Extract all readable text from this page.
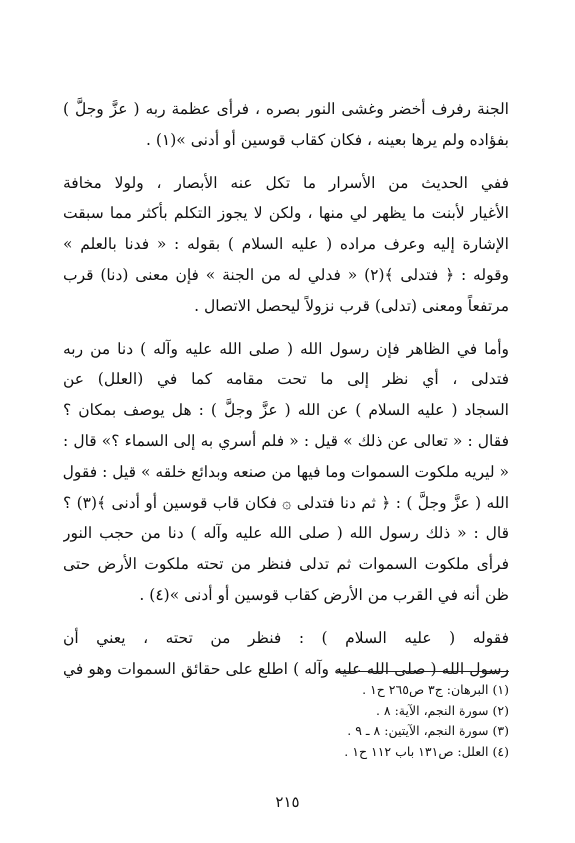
الجنة رفرف أخضر وغشى النور بصره ، فرأى عظمة ربه ( عزَّ وجلَّ )
بفؤاده ولم يرها بعينه ، فكان كقاب قوسين أو أدنى »(١) .

ففي الحديث من الأسرار ما تكل عنه الأبصار ، ولولا مخافة
الأغيار لأبنت ما يظهر لي منها ، ولكن لا يجوز التكلم بأكثر مما سبقت
الإشارة إليه وعرف مراده ( عليه السلام ) بقوله : « فدنا بالعلم »
وقوله : ﴿ فتدلى ﴾(٢) « فدلي له من الجنة » فإن معنى (دنا) قرب
مرتفعاً ومعنى (تدلى) قرب نزولاً ليحصل الاتصال .

وأما في الظاهر فإن رسول الله ( صلى الله عليه وآله ) دنا من ربه
فتدلى ، أي نظر إلى ما تحت مقامه كما في (العلل) عن
السجاد ( عليه السلام ) عن الله ( عزَّ وجلَّ ) : هل يوصف بمكان ؟
فقال : « تعالى عن ذلك » قيل : « فلم أسري به إلى السماء ؟» قال :
« ليريه ملكوت السموات وما فيها من صنعه وبدائع خلقه » قيل : فقول
الله ( عزَّ وجلَّ ) : ﴿ ثم دنا فتدلى ۞ فكان قاب قوسين أو أدنى ﴾(٣) ؟
قال : « ذلك رسول الله ( صلى الله عليه وآله ) دنا من حجب النور
فرأى ملكوت السموات ثم تدلى فنظر من تحته ملكوت الأرض حتى
ظن أنه في القرب من الأرض كقاب قوسين أو أدنى »(٤) .

فقوله ( عليه السلام ) : فنظر من تحته ، يعني أن
رسول الله ( صلى الله عليه وآله ) اطلع على حقائق السموات وهو في

(١) البرهان: ج٣ ص٢٦٥ ح١ .
(٢) سورة النجم، الآية: ٨ .
(٣) سورة النجم، الآيتين: ٨ ـ ٩ .
(٤) العلل: ص١٣١ باب ١١٢ ح١ .
٢١٥
